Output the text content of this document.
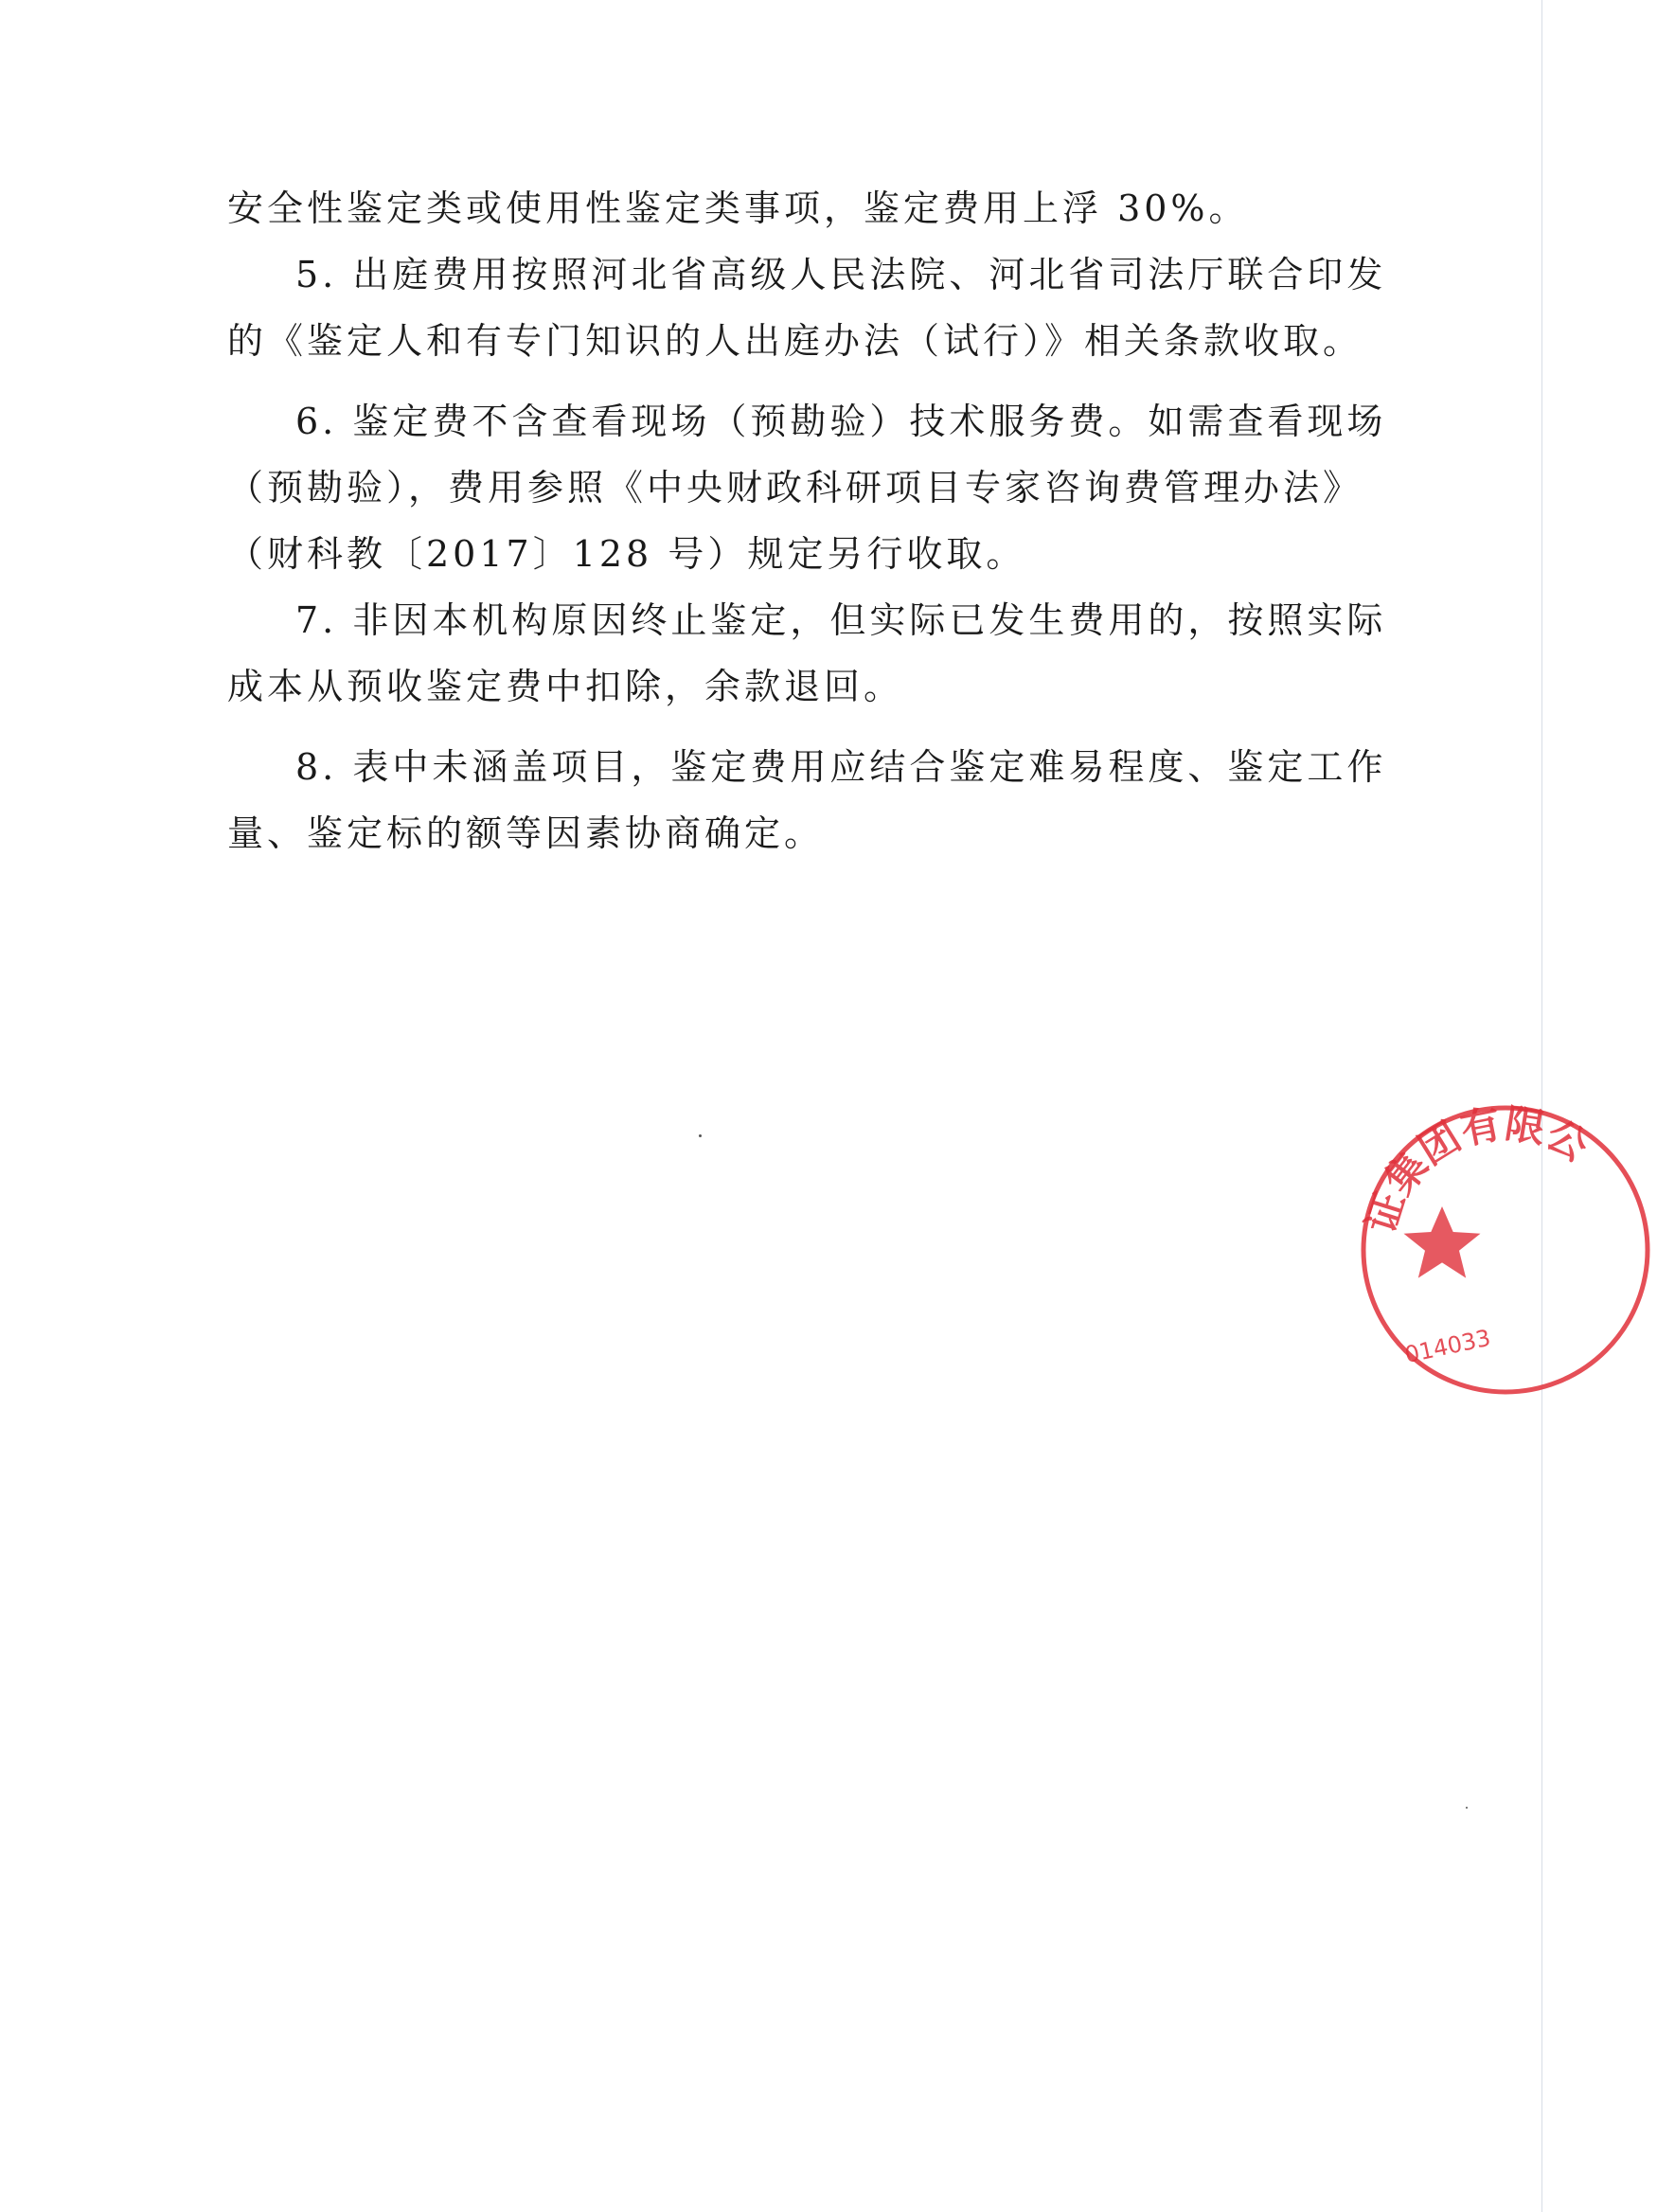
安全性鉴定类或使用性鉴定类事项，鉴定费用上浮 30%。
5. 出庭费用按照河北省高级人民法院、河北省司法厅联合印发
的《鉴定人和有专门知识的人出庭办法（试行）》相关条款收取。
6. 鉴定费不含查看现场（预勘验）技术服务费。如需查看现场
（预勘验），费用参照《中央财政科研项目专家咨询费管理办法》
（财科教〔2017〕128 号）规定另行收取。
7. 非因本机构原因终止鉴定，但实际已发生费用的，按照实际
成本从预收鉴定费中扣除，余款退回。
8. 表中未涵盖项目，鉴定费用应结合鉴定难易程度、鉴定工作
量、鉴定标的额等因素协商确定。
证集团有限公
014033
